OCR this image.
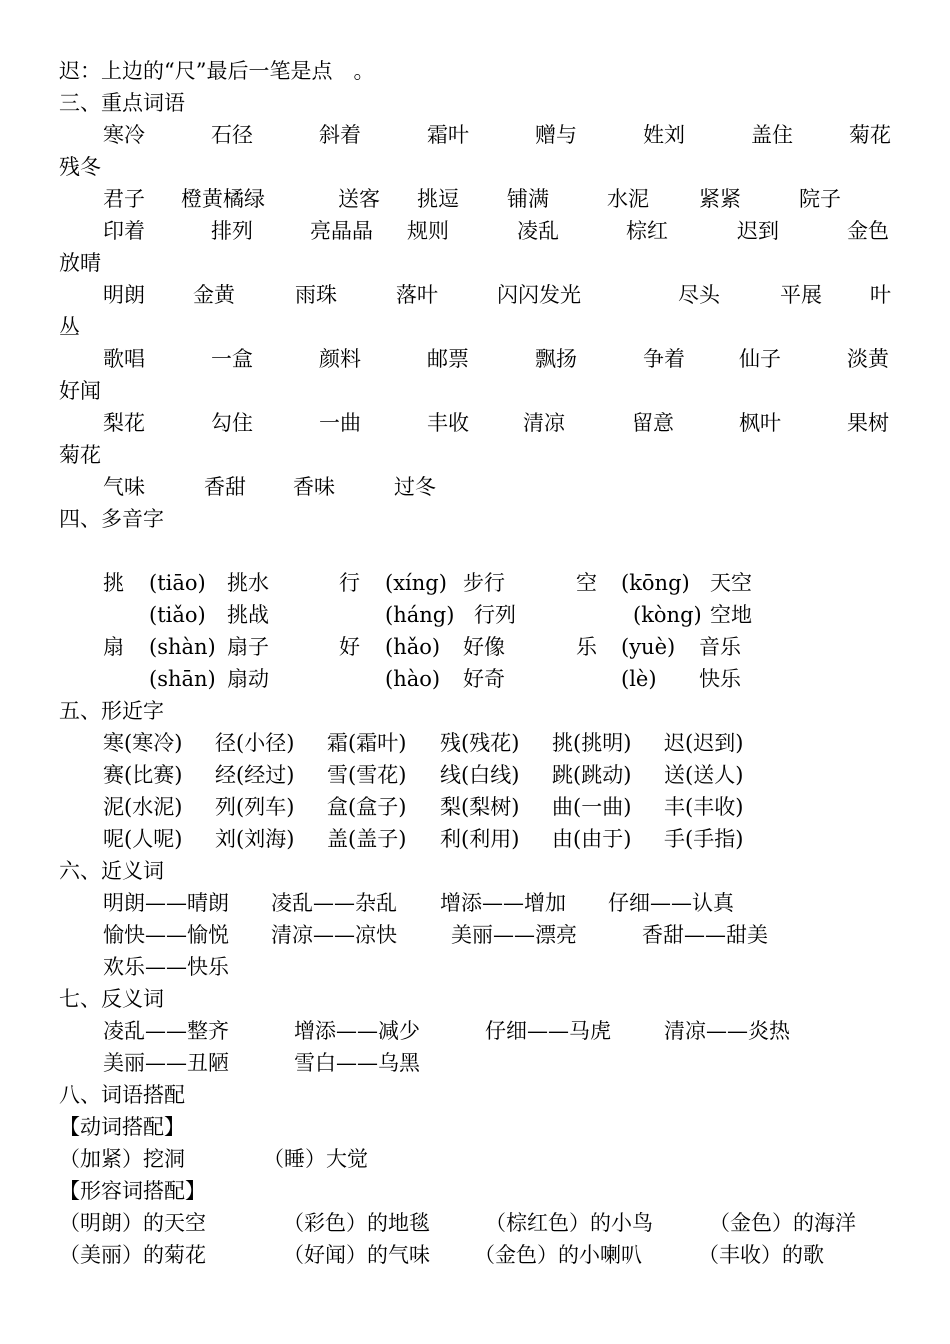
迟：上边的“尺”最后一笔是点　。
三、重点词语
寒冷	石径	斜着	霜叶	赠与	姓刘	盖住	菊花
残冬
君子 橙黄橘绿	送客 挑逗 铺满	水泥 紧紧	院子
印着	排列	亮晶晶 规则	凌乱	棕红	迟到	金色
放晴
明朗 金黄	雨珠	落叶	闪闪发光	尽头	平展 叶
丛
歌唱	一盒	颜料	邮票	飘扬	争着	仙子	淡黄
好闻
梨花	勾住	一曲	丰收	清凉	留意	枫叶	果树
菊花
气味	香甜 香味	过冬
四、多音字
挑 (tiāo) 挑水	行 (xíng) 步行	空 (kōng) 天空
(tiǎo) 挑战	(háng) 行列	(kòng) 空地
扇 (shàn) 扇子	好 (hǎo) 好像	乐 (yuè) 音乐
(shān) 扇动	(hào) 好奇	(lè) 快乐
五、形近字
寒(寒冷) 径(小径) 霜(霜叶) 残(残花) 挑(挑明) 迟(迟到)
赛(比赛) 经(经过) 雪(雪花) 线(白线) 跳(跳动) 送(送人)
泥(水泥) 列(列车) 盒(盒子) 梨(梨树) 曲(一曲) 丰(丰收)
呢(人呢) 刘(刘海) 盖(盖子) 利(利用) 由(由于) 手(手指)
六、近义词
明朗——晴朗 凌乱——杂乱 增添——增加 仔细——认真
愉快——愉悦 清凉——凉快	美丽——漂亮	香甜——甜美
欢乐——快乐
七、反义词
凌乱——整齐	增添——减少	仔细——马虎	清凉——炎热
美丽——丑陋	雪白——乌黑
八、词语搭配
【动词搭配】
（加紧）挖洞	（睡）大觉
【形容词搭配】
（明朗）的天空	（彩色）的地毯	（棕红色）的小鸟	（金色）的海洋
（美丽）的菊花	（好闻）的气味 （金色）的小喇叭	（丰收）的歌
